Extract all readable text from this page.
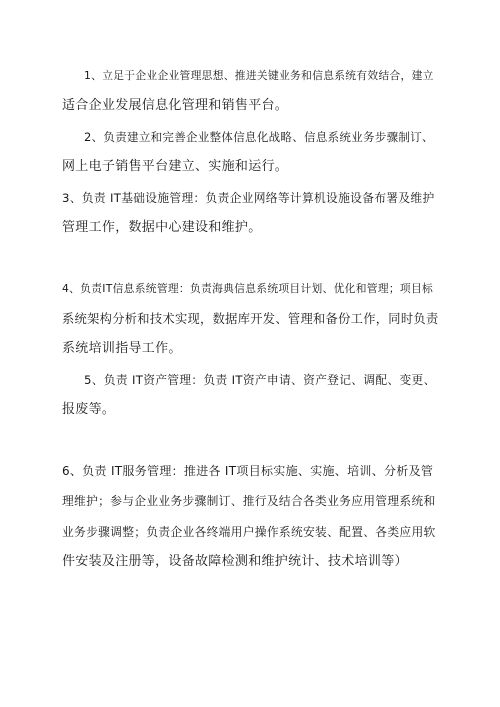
1、立足于企业企业管理思想、推进关键业务和信息系统有效结合，建立
适合企业发展信息化管理和销售平台。
2、负责建立和完善企业整体信息化战略、信息系统业务步骤制订、
网上电子销售平台建立、实施和运行。
3、负责 IT基础设施管理：负责企业网络等计算机设施设备布署及维护
管理工作，数据中心建设和维护。
4、负责IT信息系统管理：负责海典信息系统项目计划、优化和管理；项目标
系统架构分析和技术实现，数据库开发、管理和备份工作，同时负责
系统培训指导工作。
5、负责 IT资产管理：负责 IT资产申请、资产登记、调配、变更、
报废等。
6、负责 IT服务管理：推进各 IT项目标实施、实施、培训、分析及管
理维护；参与企业业务步骤制订、推行及结合各类业务应用管理系统和
业务步骤调整；负责企业各终端用户操作系统安装、配置、各类应用软
件安装及注册等，设备故障检测和维护统计、技术培训等）
